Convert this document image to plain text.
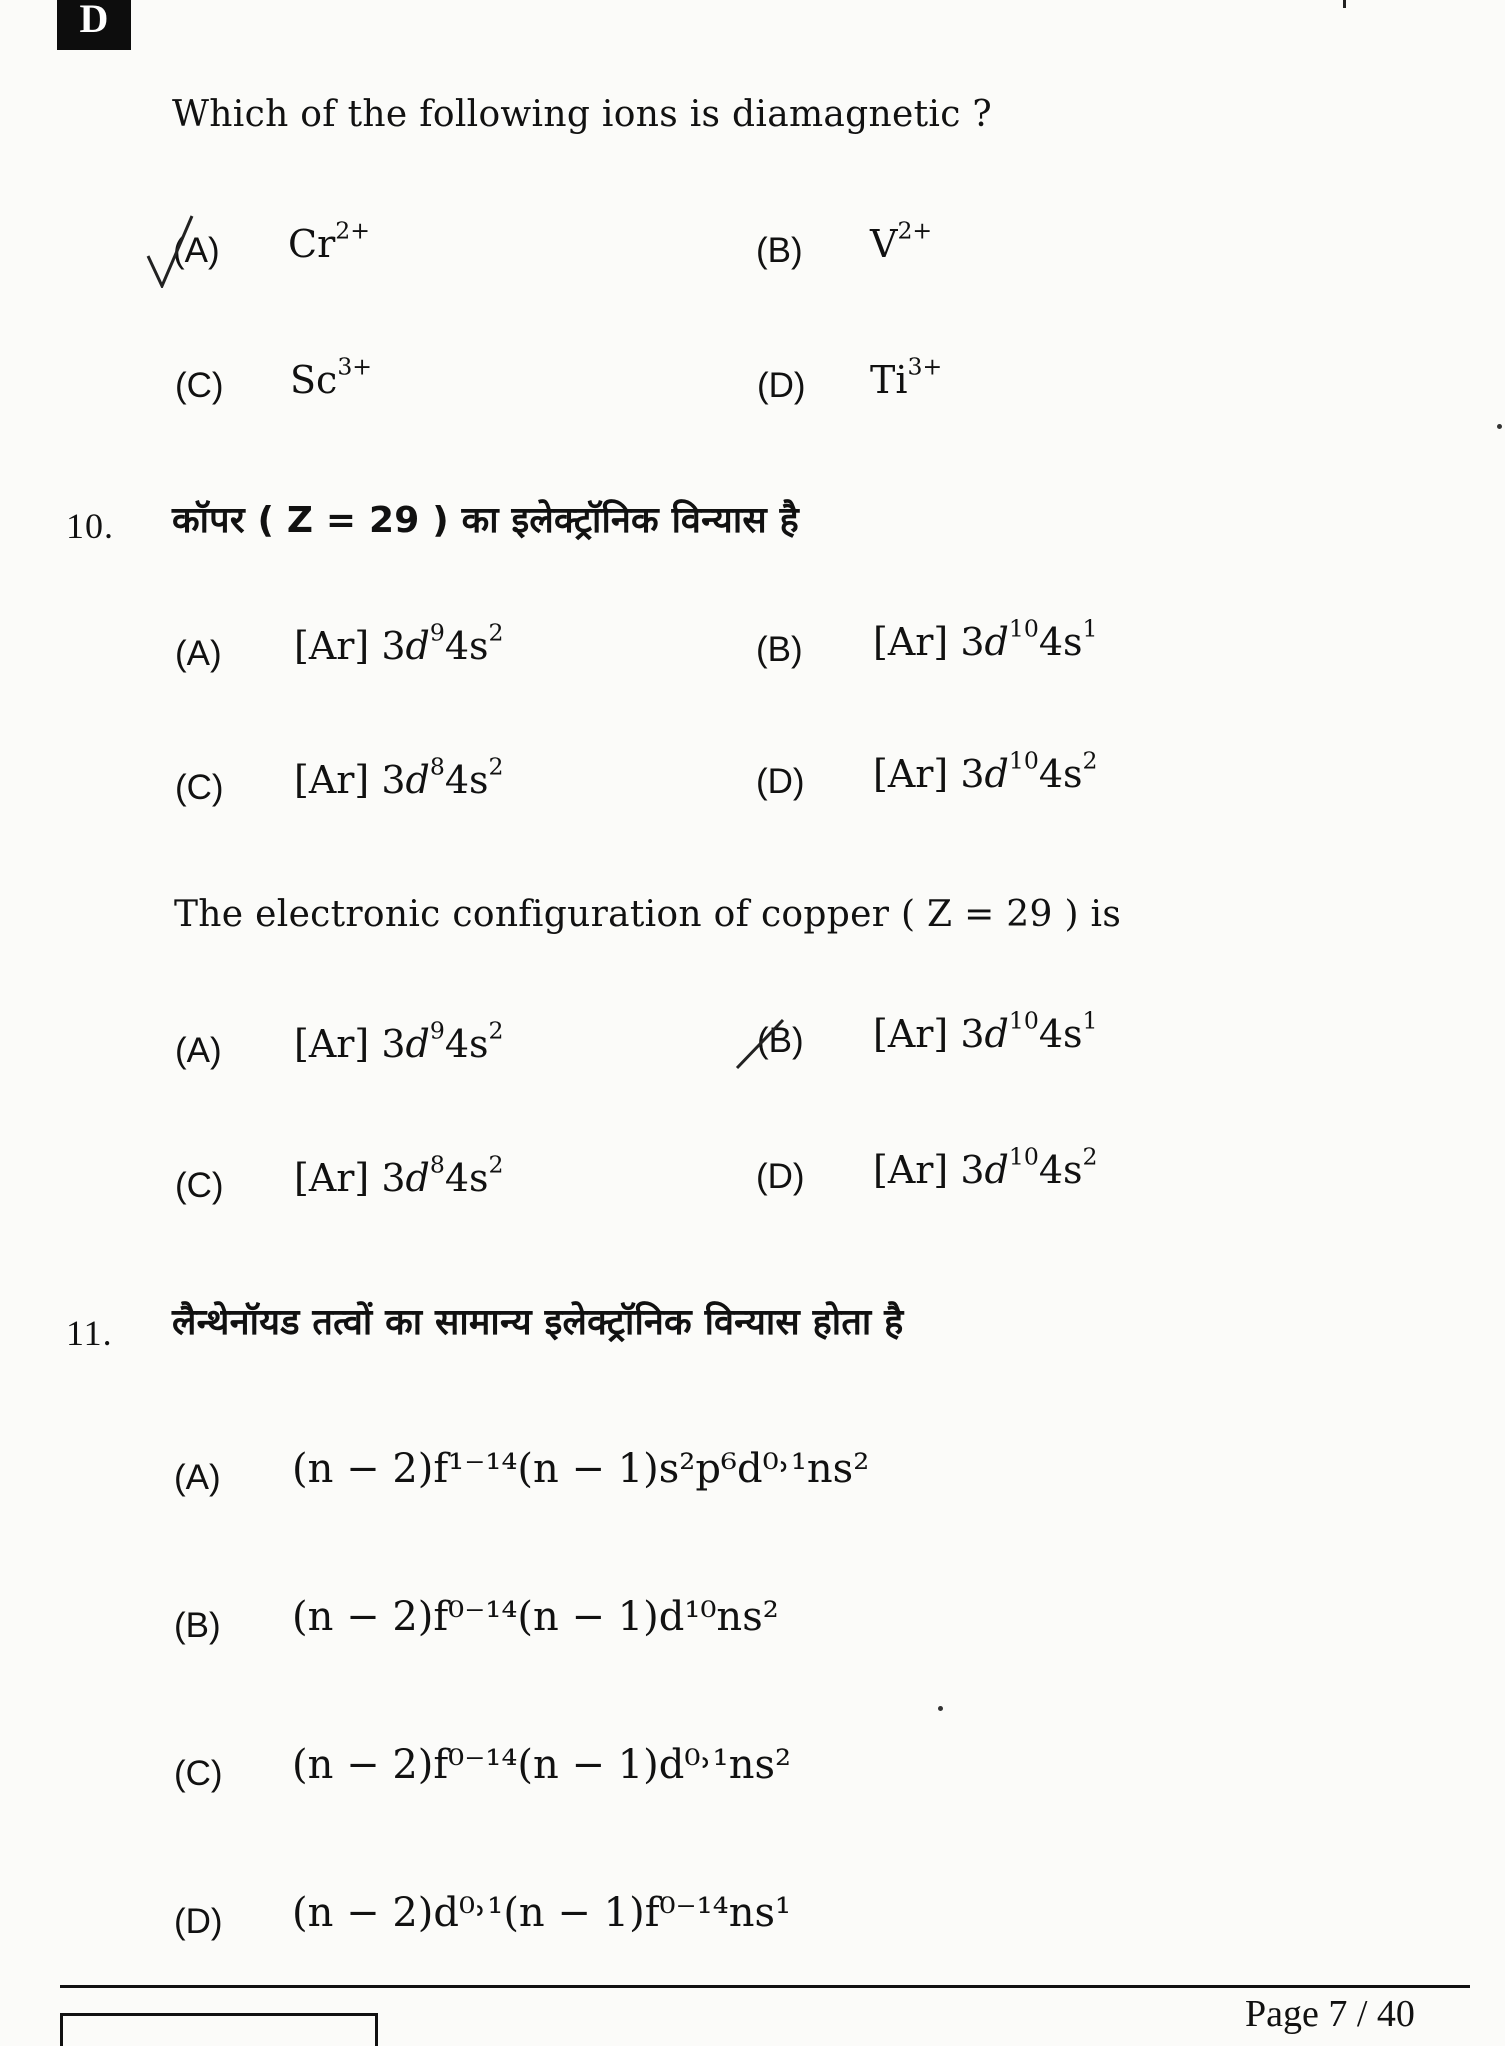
D
Which of the following ions is diamagnetic ?
(A) $Cr^{2+}$
(B) $V^{2+}$
(C) $Sc^{3+}$	(D) $Ti^{3+}$
10. कॉपर ( Z = 29 ) का इलेक्ट्रॉनिक विन्यास है
(A) [Ar] $3d^94s^2$	(B) [Ar] $3d^{10}4s^1$
(C) [Ar] $3d^84s^2$	(D) [Ar] $3d^{10}4s^2$
The electronic configuration of copper ( Z = 29 ) is
(A) [Ar] $3d^94s^2$	(B) [Ar] $3d^{10}4s^1$
(C) [Ar] $3d^84s^2$	(D) [Ar] $3d^{10}4s^2$
11. लैन्थेनॉयड तत्वों का सामान्य इलेक्ट्रॉनिक विन्यास होता है
(A) (n − 2)f¹⁻¹⁴(n − 1)s²p⁶d⁰˒¹ns²
(B) (n − 2)f⁰⁻¹⁴(n − 1)d¹⁰ns²
(C) (n − 2)f⁰⁻¹⁴(n − 1)d⁰˒¹ns²
(D) (n − 2)d⁰˒¹(n − 1)f⁰⁻¹⁴ns¹
Page 7 / 40
